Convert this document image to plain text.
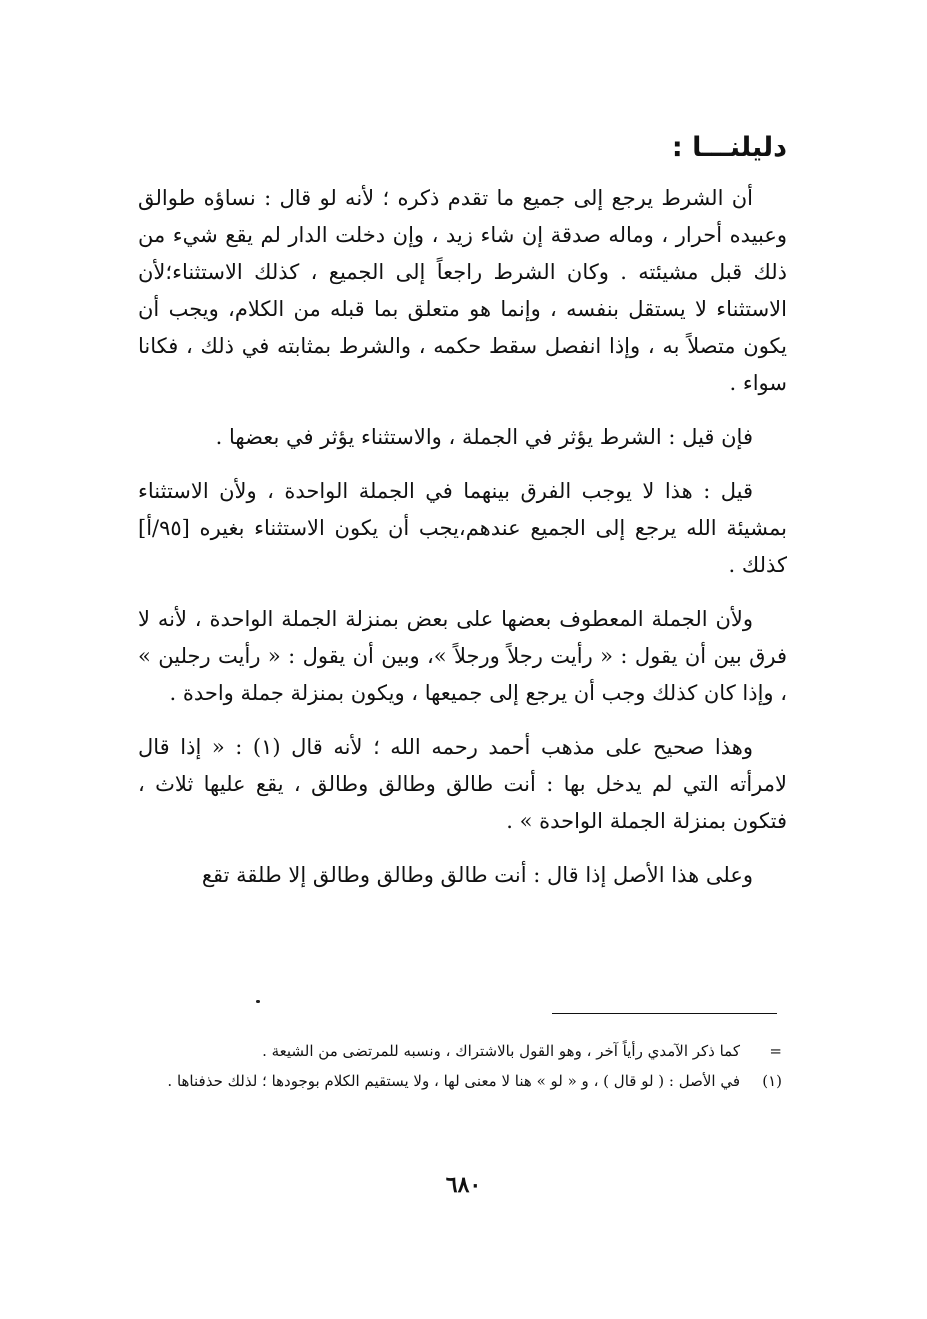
دليلنـــا :

أن الشرط يرجع إلى جميع ما تقدم ذكره ؛ لأنه لو قال : نساؤه طوالق وعبيده أحرار ، وماله صدقة إن شاء زيد ، وإن دخلت الدار لم يقع شيء من ذلك قبل مشيئته . وكان الشرط راجعاً إلى الجميع ، كذلك الاستثناء؛لأن الاستثناء لا يستقل بنفسه ، وإنما هو متعلق بما قبله من الكلام، ويجب أن يكون متصلاً به ، وإذا انفصل سقط حكمه ، والشرط بمثابته في ذلك ، فكانا سواء .

فإن قيل : الشرط يؤثر في الجملة ، والاستثناء يؤثر في بعضها .

قيل : هذا لا يوجب الفرق بينهما في الجملة الواحدة ، ولأن الاستثناء بمشيئة الله يرجع إلى الجميع عندهم،يجب أن يكون الاستثناء بغيره [٩٥/أ] كذلك .

ولأن الجملة المعطوف بعضها على بعض بمنزلة الجملة الواحدة ، لأنه لا فرق بين أن يقول : « رأيت رجلاً ورجلاً »، وبين أن يقول : « رأيت رجلين » ، وإذا كان كذلك وجب أن يرجع إلى جميعها ، ويكون بمنزلة جملة واحدة .

وهذا صحيح على مذهب أحمد رحمه الله ؛ لأنه قال (١) : « إذا قال لامرأته التي لم يدخل بها : أنت طالق وطالق وطالق ، يقع عليها ثلاث ، فتكون بمنزلة الجملة الواحدة » .

وعلى هذا الأصل إذا قال : أنت طالق وطالق وطالق إلا طلقة تقع

=
كما ذكر الآمدي رأياً آخر ، وهو القول بالاشتراك ، ونسبه للمرتضى من الشيعة .
(١)
في الأصل : ( لو قال ) ، و « لو » هنا لا معنى لها ، ولا يستقيم الكلام بوجودها ؛ لذلك حذفناها .
٦٨٠
